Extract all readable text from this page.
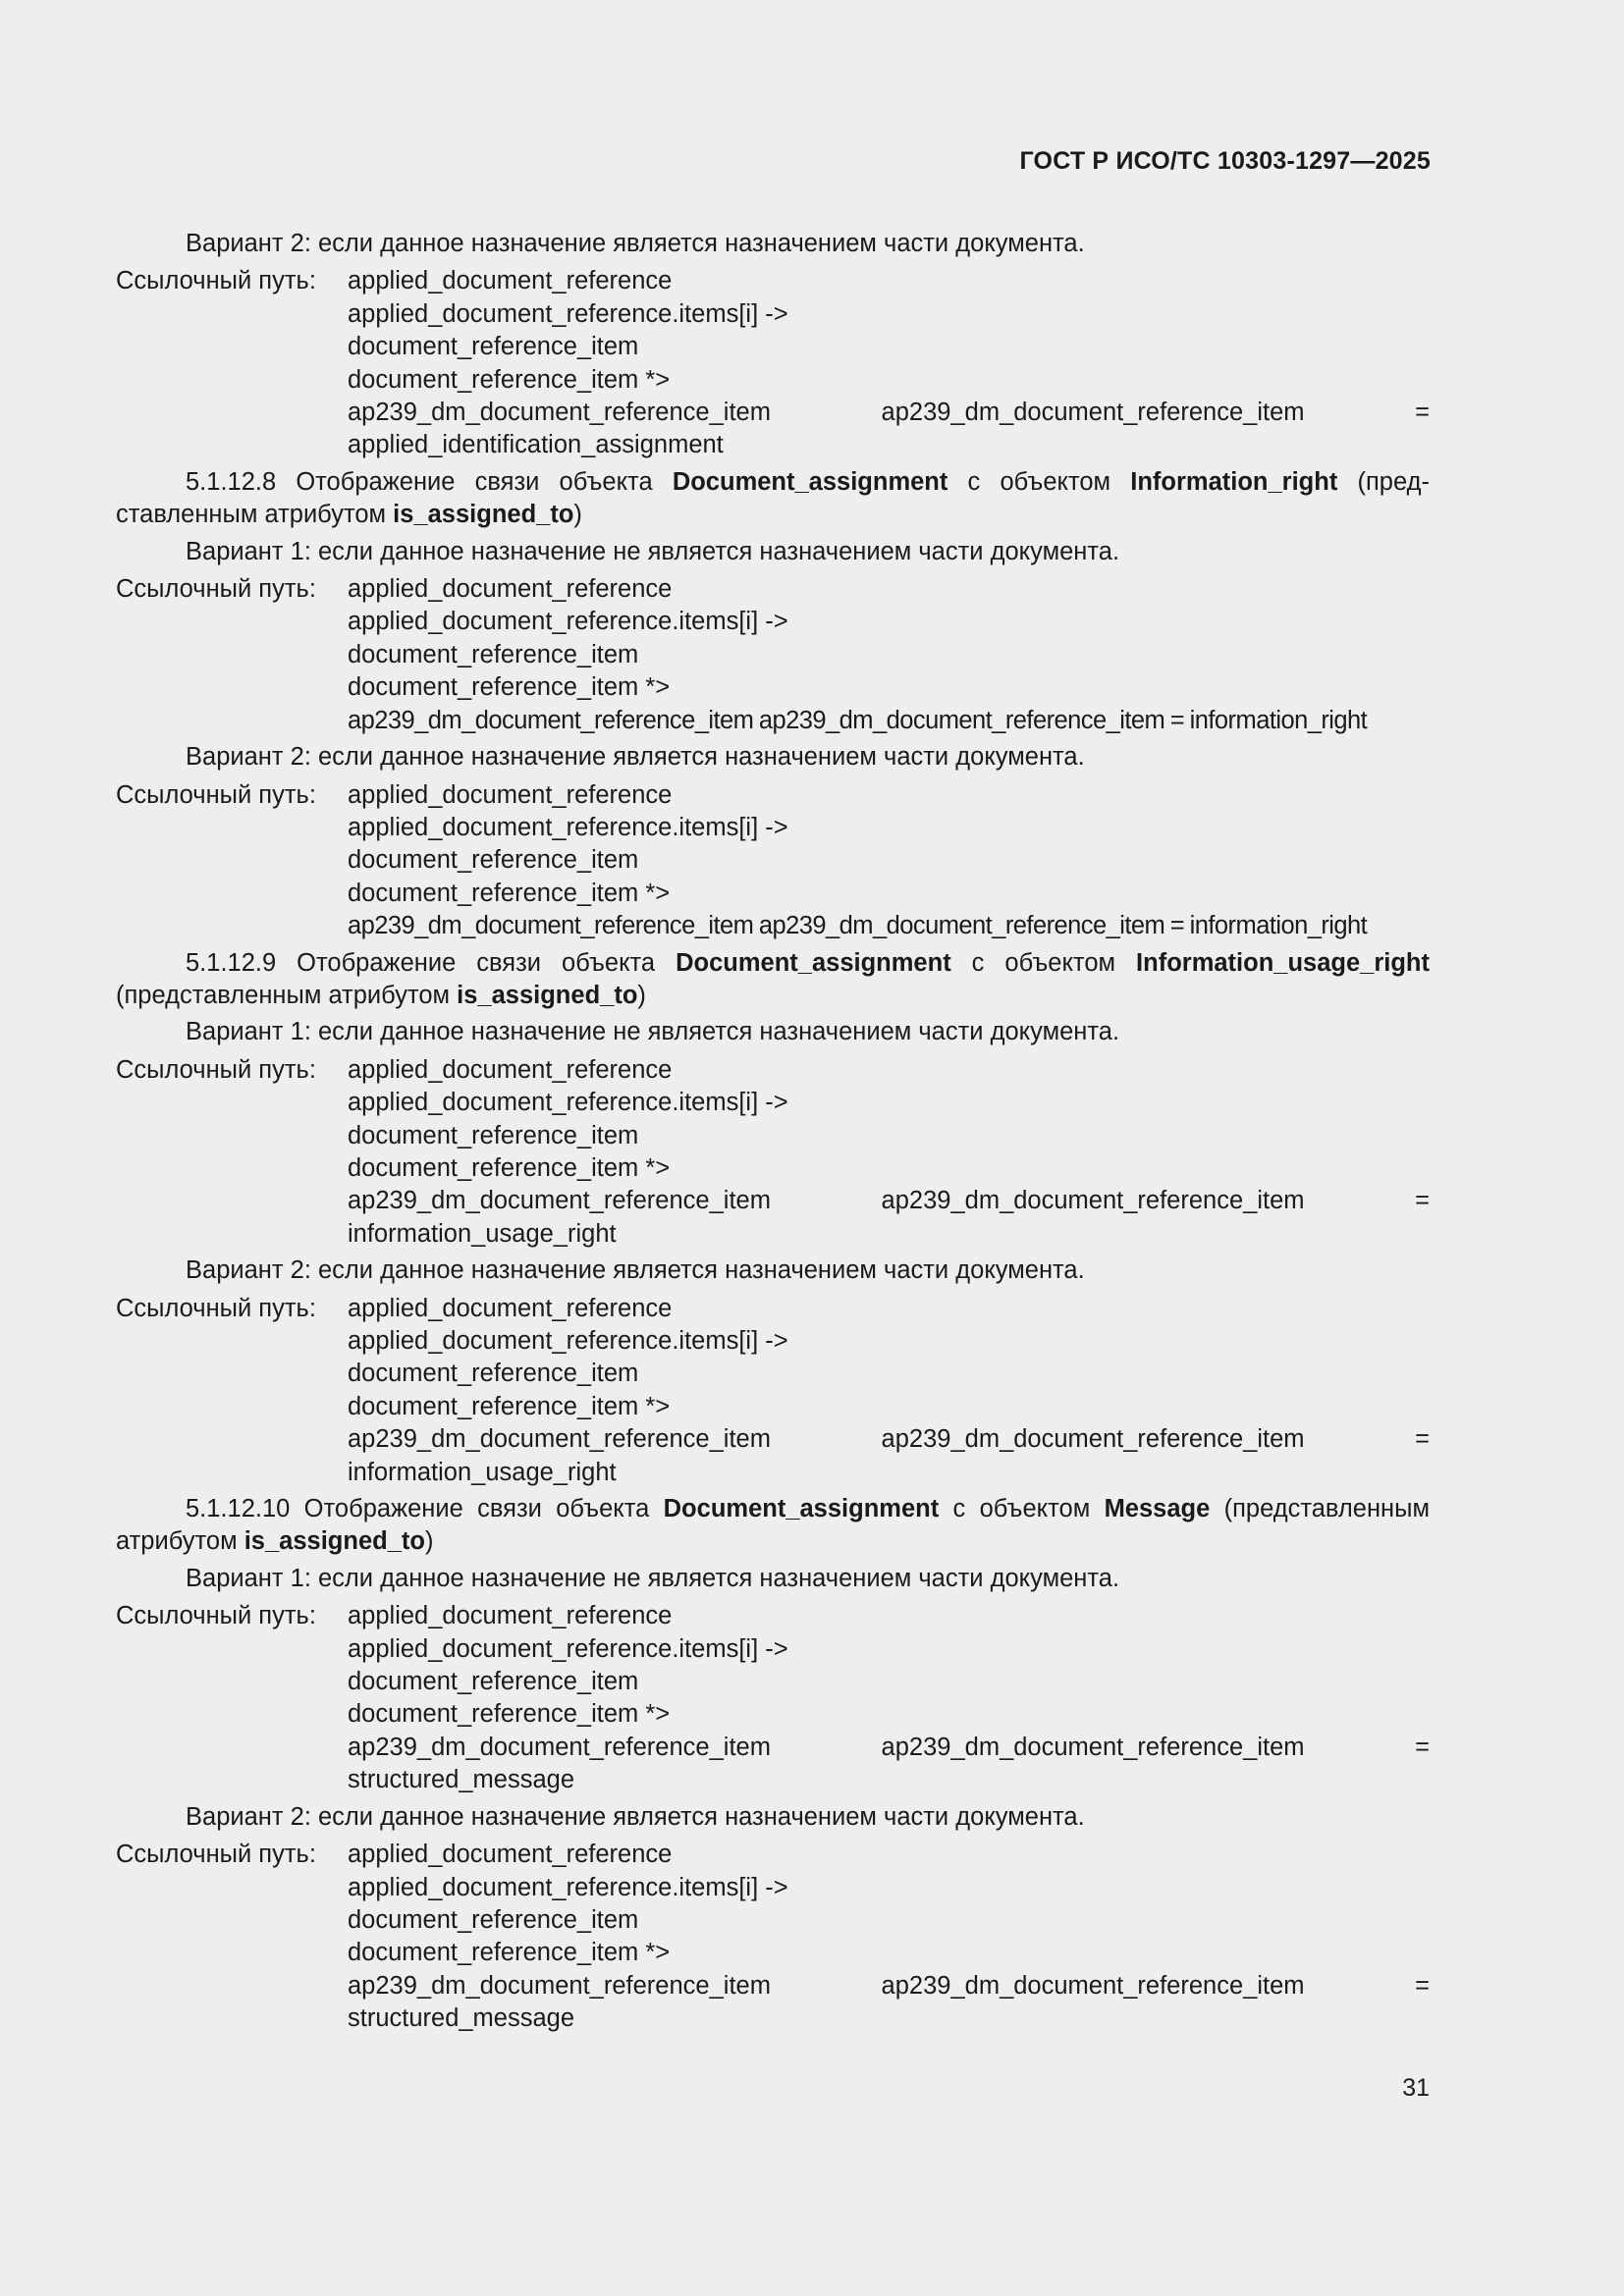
ГОСТ Р ИСО/ТС 10303-1297—2025
Вариант 2: если данное назначение является назначением части документа.
Ссылочный путь:	applied_document_reference
applied_document_reference.items[i] ->
document_reference_item
document_reference_item *>
ap239_dm_document_reference_item ap239_dm_document_reference_item = applied_identification_assignment

5.1.12.8 Отображение связи объекта Document_assignment с объектом Information_right (представленным атрибутом is_assigned_to)

Вариант 1: если данное назначение не является назначением части документа.
Ссылочный путь:	applied_document_reference
applied_document_reference.items[i] ->
document_reference_item
document_reference_item *>
ap239_dm_document_reference_item ap239_dm_document_reference_item = information_right
Вариант 2: если данное назначение является назначением части документа.
Ссылочный путь:	applied_document_reference
applied_document_reference.items[i] ->
document_reference_item
document_reference_item *>
ap239_dm_document_reference_item ap239_dm_document_reference_item = information_right

5.1.12.9 Отображение связи объекта Document_assignment с объектом Information_usage_right (представленным атрибутом is_assigned_to)

Вариант 1: если данное назначение не является назначением части документа.
Ссылочный путь:	applied_document_reference
applied_document_reference.items[i] ->
document_reference_item
document_reference_item *>
ap239_dm_document_reference_item ap239_dm_document_reference_item = information_usage_right
Вариант 2: если данное назначение является назначением части документа.
Ссылочный путь:	applied_document_reference
applied_document_reference.items[i] ->
document_reference_item
document_reference_item *>
ap239_dm_document_reference_item ap239_dm_document_reference_item = information_usage_right

5.1.12.10 Отображение связи объекта Document_assignment с объектом Message (представленным атрибутом is_assigned_to)

Вариант 1: если данное назначение не является назначением части документа.
Ссылочный путь:	applied_document_reference
applied_document_reference.items[i] ->
document_reference_item
document_reference_item *>
ap239_dm_document_reference_item ap239_dm_document_reference_item = structured_message
Вариант 2: если данное назначение является назначением части документа.
Ссылочный путь:	applied_document_reference
applied_document_reference.items[i] ->
document_reference_item
document_reference_item *>
ap239_dm_document_reference_item ap239_dm_document_reference_item = structured_message
31
